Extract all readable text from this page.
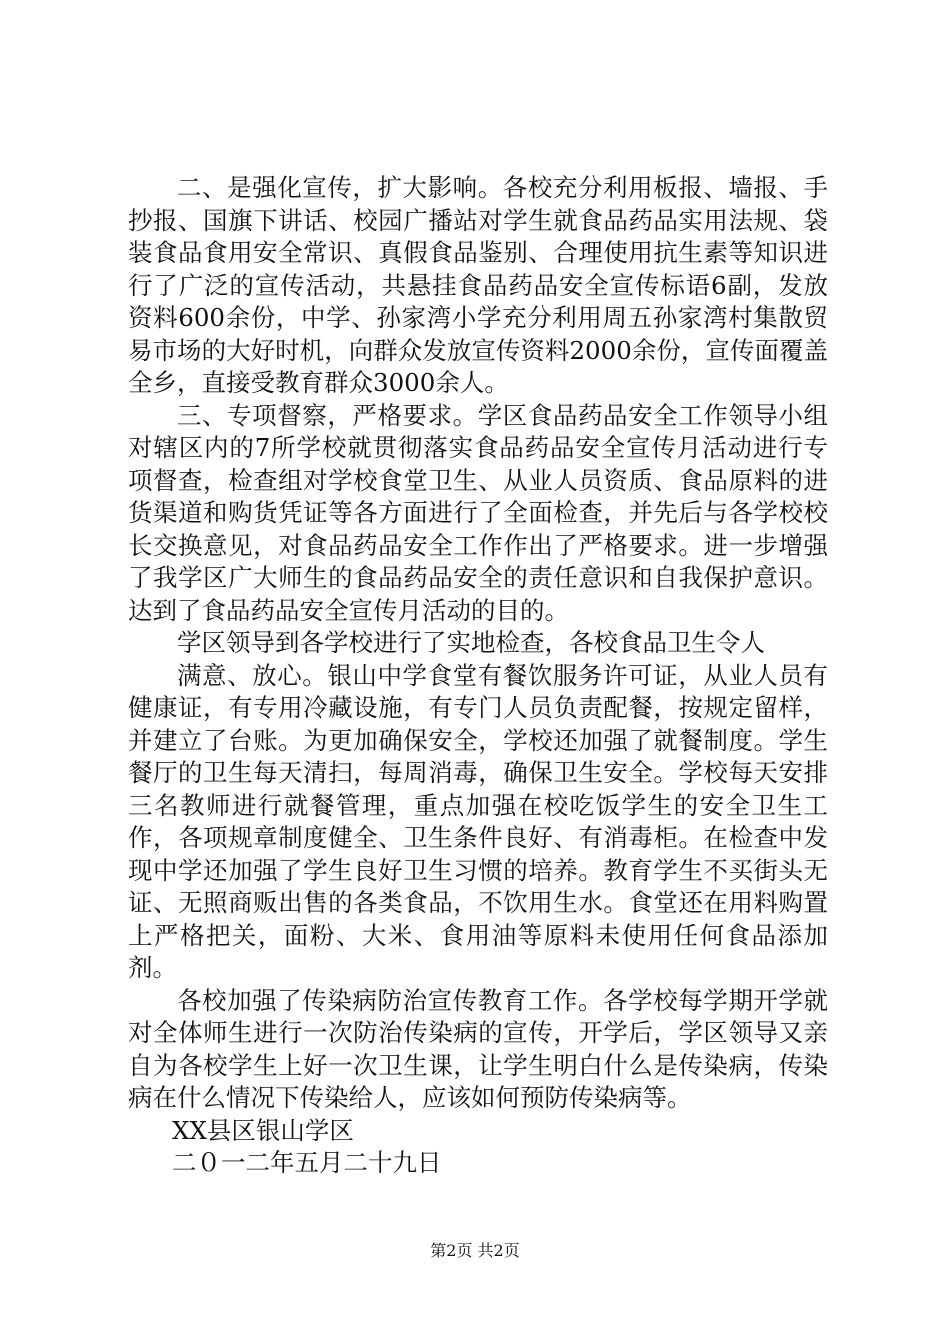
二、是强化宣传，扩大影响。各校充分利用板报、墙报、手抄报、国旗下讲话、校园广播站对学生就食品药品实用法规、袋装食品食用安全常识、真假食品鉴别、合理使用抗生素等知识进行了广泛的宣传活动，共悬挂食品药品安全宣传标语6副，发放资料600余份，中学、孙家湾小学充分利用周五孙家湾村集散贸易市场的大好时机，向群众发放宣传资料2000余份，宣传面覆盖全乡，直接受教育群众3000余人。

三、专项督察，严格要求。学区食品药品安全工作领导小组对辖区内的7所学校就贯彻落实食品药品安全宣传月活动进行专项督查，检查组对学校食堂卫生、从业人员资质、食品原料的进货渠道和购货凭证等各方面进行了全面检查，并先后与各学校校长交换意见，对食品药品安全工作作出了严格要求。进一步增强了我学区广大师生的食品药品安全的责任意识和自我保护意识。达到了食品药品安全宣传月活动的目的。

学区领导到各学校进行了实地检查，各校食品卫生令人

满意、放心。银山中学食堂有餐饮服务许可证，从业人员有健康证，有专用冷藏设施，有专门人员负责配餐，按规定留样，并建立了台账。为更加确保安全，学校还加强了就餐制度。学生餐厅的卫生每天清扫，每周消毒，确保卫生安全。学校每天安排三名教师进行就餐管理，重点加强在校吃饭学生的安全卫生工作，各项规章制度健全、卫生条件良好、有消毒柜。在检查中发现中学还加强了学生良好卫生习惯的培养。教育学生不买街头无证、无照商贩出售的各类食品，不饮用生水。食堂还在用料购置上严格把关，面粉、大米、食用油等原料未使用任何食品添加剂。

各校加强了传染病防治宣传教育工作。各学校每学期开学就对全体师生进行一次防治传染病的宣传，开学后，学区领导又亲自为各校学生上好一次卫生课，让学生明白什么是传染病，传染病在什么情况下传染给人，应该如何预防传染病等。

XX县区银山学区

二０一二年五月二十九日

第2页 共2页
